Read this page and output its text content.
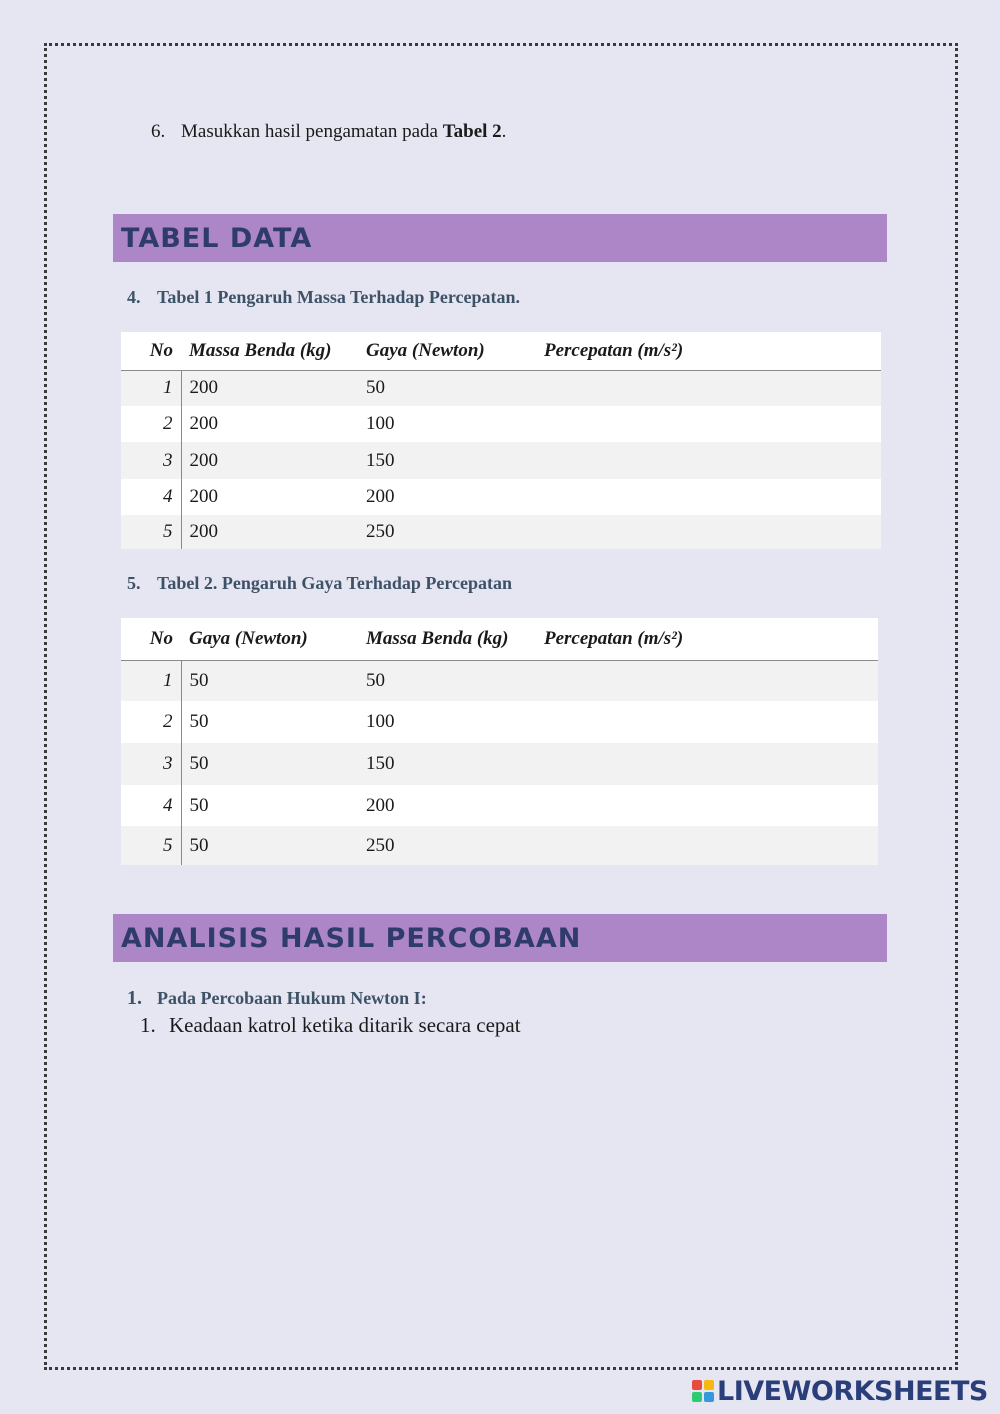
6. Masukkan hasil pengamatan pada Tabel 2.

TABEL DATA

4. Tabel 1 Pengaruh Massa Terhadap Percepatan.

No	Massa Benda (kg)	Gaya (Newton)	Percepatan (m/s²)
1	200	50	
2	200	100	
3	200	150	
4	200	200	
5	200	250	

5. Tabel 2. Pengaruh Gaya Terhadap Percepatan

No	Gaya (Newton)	Massa Benda (kg)	Percepatan (m/s²)
1	50	50	
2	50	100	
3	50	150	
4	50	200	
5	50	250	
ANALISIS HASIL PERCOBAAN

1. Pada Percobaan Hukum Newton I:

1. Keadaan katrol ketika ditarik secara cepat

LIVEWORKSHEETS
